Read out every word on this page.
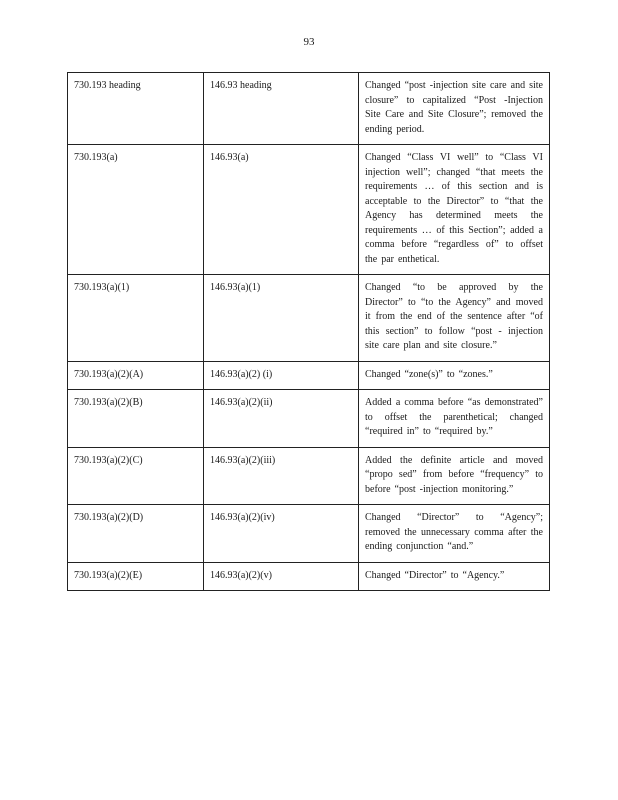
93
730.193 heading	146.93 heading	Changed “post -injection site care and site closure” to capitalized “Post -Injection Site Care and Site Closure”; removed the ending period.
730.193(a)	146.93(a)	Changed “Class VI well” to “Class VI injection well”; changed “that meets the requirements … of this section and is acceptable to the Director” to “that the Agency has determined meets the requirements … of this Section”; added a comma before “regardless of” to offset the par enthetical.
730.193(a)(1)	146.93(a)(1)	Changed “to be approved by the Director” to “to the Agency” and moved it from the end of the sentence after “of this section” to follow “post - injection site care plan and site closure.”
730.193(a)(2)(A)	146.93(a)(2) (i)	Changed “zone(s)” to “zones.”
730.193(a)(2)(B)	146.93(a)(2)(ii)	Added a comma before “as demonstrated” to offset the parenthetical; changed “required in” to “required by.”
730.193(a)(2)(C)	146.93(a)(2)(iii)	Added the definite article and moved “propo sed” from before “frequency” to before “post -injection monitoring.”
730.193(a)(2)(D)	146.93(a)(2)(iv)	Changed “Director” to “Agency”; removed the unnecessary comma after the ending conjunction “and.”
730.193(a)(2)(E)	146.93(a)(2)(v)	Changed “Director” to “Agency.”
